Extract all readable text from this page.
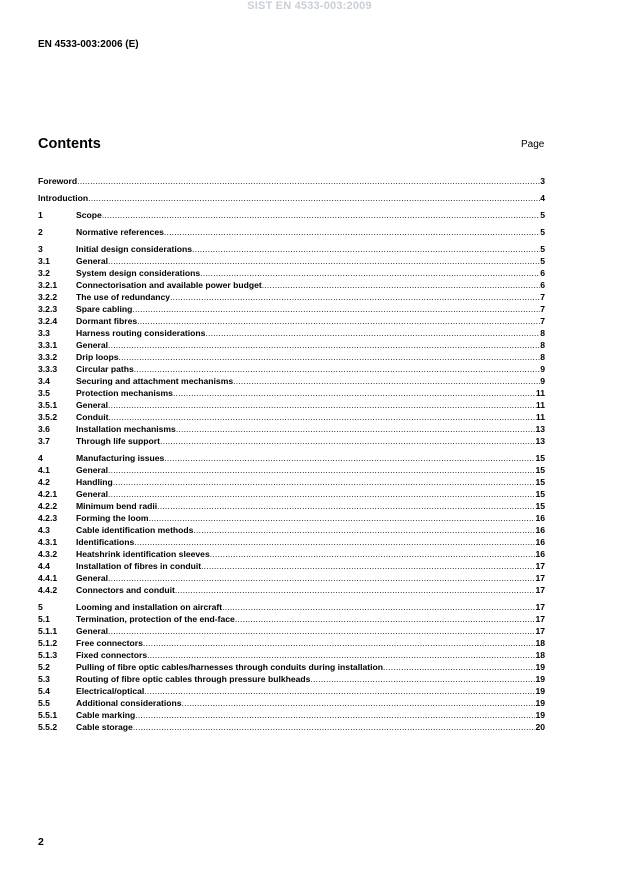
SIST EN 4533-003:2009
EN 4533-003:2006 (E)
Contents	Page
Foreword .....	3
Introduction .....	4
1	Scope .....	5
2	Normative references .....	5
3	Initial design considerations .....	5
3.1	General .....	5
3.2	System design considerations .....	6
3.2.1	Connectorisation and available power budget .....	6
3.2.2	The use of redundancy .....	7
3.2.3	Spare cabling .....	7
3.2.4	Dormant fibres .....	7
3.3	Harness routing considerations .....	8
3.3.1	General .....	8
3.3.2	Drip loops .....	8
3.3.3	Circular paths .....	9
3.4	Securing and attachment mechanisms .....	9
3.5	Protection mechanisms .....	11
3.5.1	General .....	11
3.5.2	Conduit .....	11
3.6	Installation mechanisms .....	13
3.7	Through life support .....	13
4	Manufacturing issues .....	15
4.1	General .....	15
4.2	Handling .....	15
4.2.1	General .....	15
4.2.2	Minimum bend radii .....	15
4.2.3	Forming the loom .....	16
4.3	Cable identification methods .....	16
4.3.1	Identifications .....	16
4.3.2	Heatshrink identification sleeves .....	16
4.4	Installation of fibres in conduit .....	17
4.4.1	General .....	17
4.4.2	Connectors and conduit .....	17
5	Looming and installation on aircraft .....	17
5.1	Termination, protection of the end-face .....	17
5.1.1	General .....	17
5.1.2	Free connectors .....	18
5.1.3	Fixed connectors .....	18
5.2	Pulling of fibre optic cables/harnesses through conduits during installation .....	19
5.3	Routing of fibre optic cables through pressure bulkheads .....	19
5.4	Electrical/optical .....	19
5.5	Additional considerations .....	19
5.5.1	Cable marking .....	19
5.5.2	Cable storage .....	20
2
